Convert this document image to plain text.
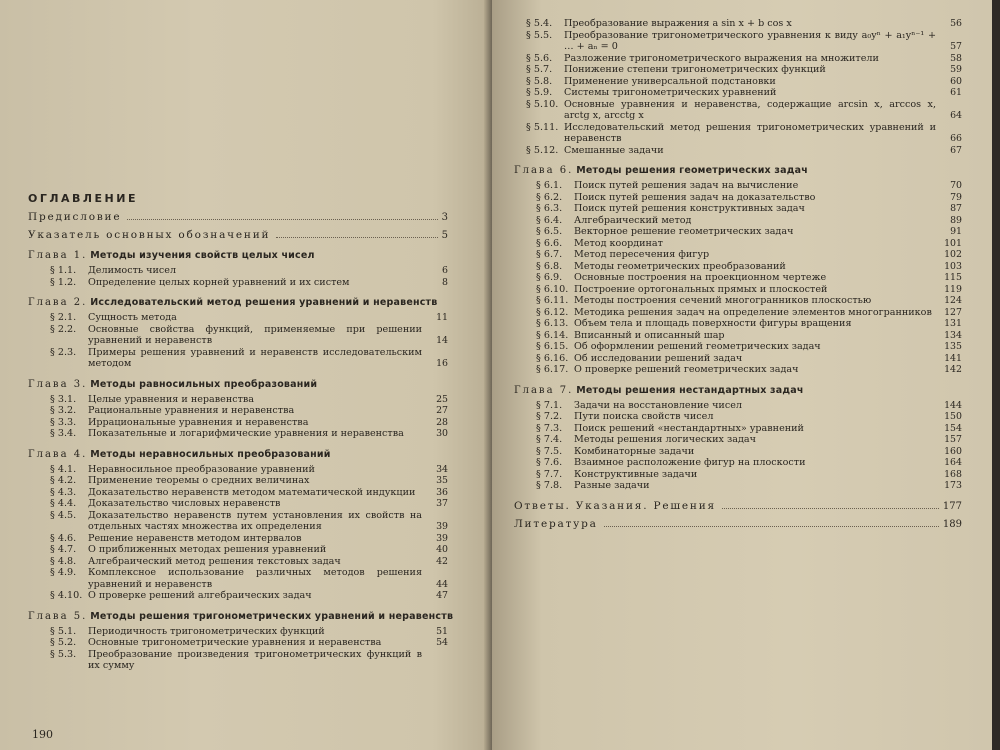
ОГЛАВЛЕНИЕ
Предисловие	3
Указатель основных обозначений	5
Глава 1. Методы изучения свойств целых чисел
§ 1.1.	Делимость чисел	6
§ 1.2.	Определение целых корней уравнений и их систем	8
Глава 2. Исследовательский метод решения уравнений и неравенств
§ 2.1.	Сущность метода	11
§ 2.2.	Основные свойства функций, применяемые при решении уравнений и неравенств	14
§ 2.3.	Примеры решения уравнений и неравенств исследовательским методом	16
Глава 3. Методы равносильных преобразований
§ 3.1.	Целые уравнения и неравенства	25
§ 3.2.	Рациональные уравнения и неравенства	27
§ 3.3.	Иррациональные уравнения и неравенства	28
§ 3.4.	Показательные и логарифмические уравнения и неравенства	30
Глава 4. Методы неравносильных преобразований
§ 4.1.	Неравносильное преобразование уравнений	34
§ 4.2.	Применение теоремы о средних величинах	35
§ 4.3.	Доказательство неравенств методом математической индукции	36
§ 4.4.	Доказательство числовых неравенств	37
§ 4.5.	Доказательство неравенств путем установления их свойств на отдельных частях множества их определения	39
§ 4.6.	Решение неравенств методом интервалов	39
§ 4.7.	О приближенных методах решения уравнений	40
§ 4.8.	Алгебраический метод решения текстовых задач	42
§ 4.9.	Комплексное использование различных методов решения уравнений и неравенств	44
§ 4.10. О проверке решений алгебраических задач	47
Глава 5. Методы решения тригонометрических уравнений и неравенств
§ 5.1.	Периодичность тригонометрических функций	51
§ 5.2.	Основные тригонометрические уравнения и неравенства	54
§ 5.3.	Преобразование произведения тригонометрических функций в их сумму
190
§ 5.4.	Преобразование выражения a sin x + b cos x	56
§ 5.5.	Преобразование тригонометрического уравнения к виду a₀yⁿ + a₁yⁿ⁻¹ + … + aₙ = 0	57
§ 5.6.	Разложение тригонометрического выражения на множители	58
§ 5.7.	Понижение степени тригонометрических функций	59
§ 5.8.	Применение универсальной подстановки	60
§ 5.9.	Системы тригонометрических уравнений	61
§ 5.10. Основные уравнения и неравенства, содержащие arcsin x, arccos x, arctg x, arcctg x	64
§ 5.11. Исследовательский метод решения тригонометрических уравнений и неравенств	66
§ 5.12. Смешанные задачи	67
Глава 6. Методы решения геометрических задач
§ 6.1.	Поиск путей решения задач на вычисление	70
§ 6.2.	Поиск путей решения задач на доказательство	79
§ 6.3.	Поиск путей решения конструктивных задач	87
§ 6.4.	Алгебраический метод	89
§ 6.5.	Векторное решение геометрических задач	91
§ 6.6.	Метод координат	101
§ 6.7.	Метод пересечения фигур	102
§ 6.8.	Методы геометрических преобразований	103
§ 6.9.	Основные построения на проекционном чертеже	115
§ 6.10. Построение ортогональных прямых и плоскостей	119
§ 6.11. Методы построения сечений многогранников плоскостью	124
§ 6.12. Методика решения задач на определение элементов многогранников	127
§ 6.13. Объем тела и площадь поверхности фигуры вращения	131
§ 6.14. Вписанный и описанный шар	134
§ 6.15. Об оформлении решений геометрических задач	135
§ 6.16. Об исследовании решений задач	141
§ 6.17. О проверке решений геометрических задач	142
Глава 7. Методы решения нестандартных задач
§ 7.1.	Задачи на восстановление чисел	144
§ 7.2.	Пути поиска свойств чисел	150
§ 7.3.	Поиск решений «нестандартных» уравнений	154
§ 7.4.	Методы решения логических задач	157
§ 7.5.	Комбинаторные задачи	160
§ 7.6.	Взаимное расположение фигур на плоскости	164
§ 7.7.	Конструктивные задачи	168
§ 7.8.	Разные задачи	173
Ответы. Указания. Решения	177
Литература	189
